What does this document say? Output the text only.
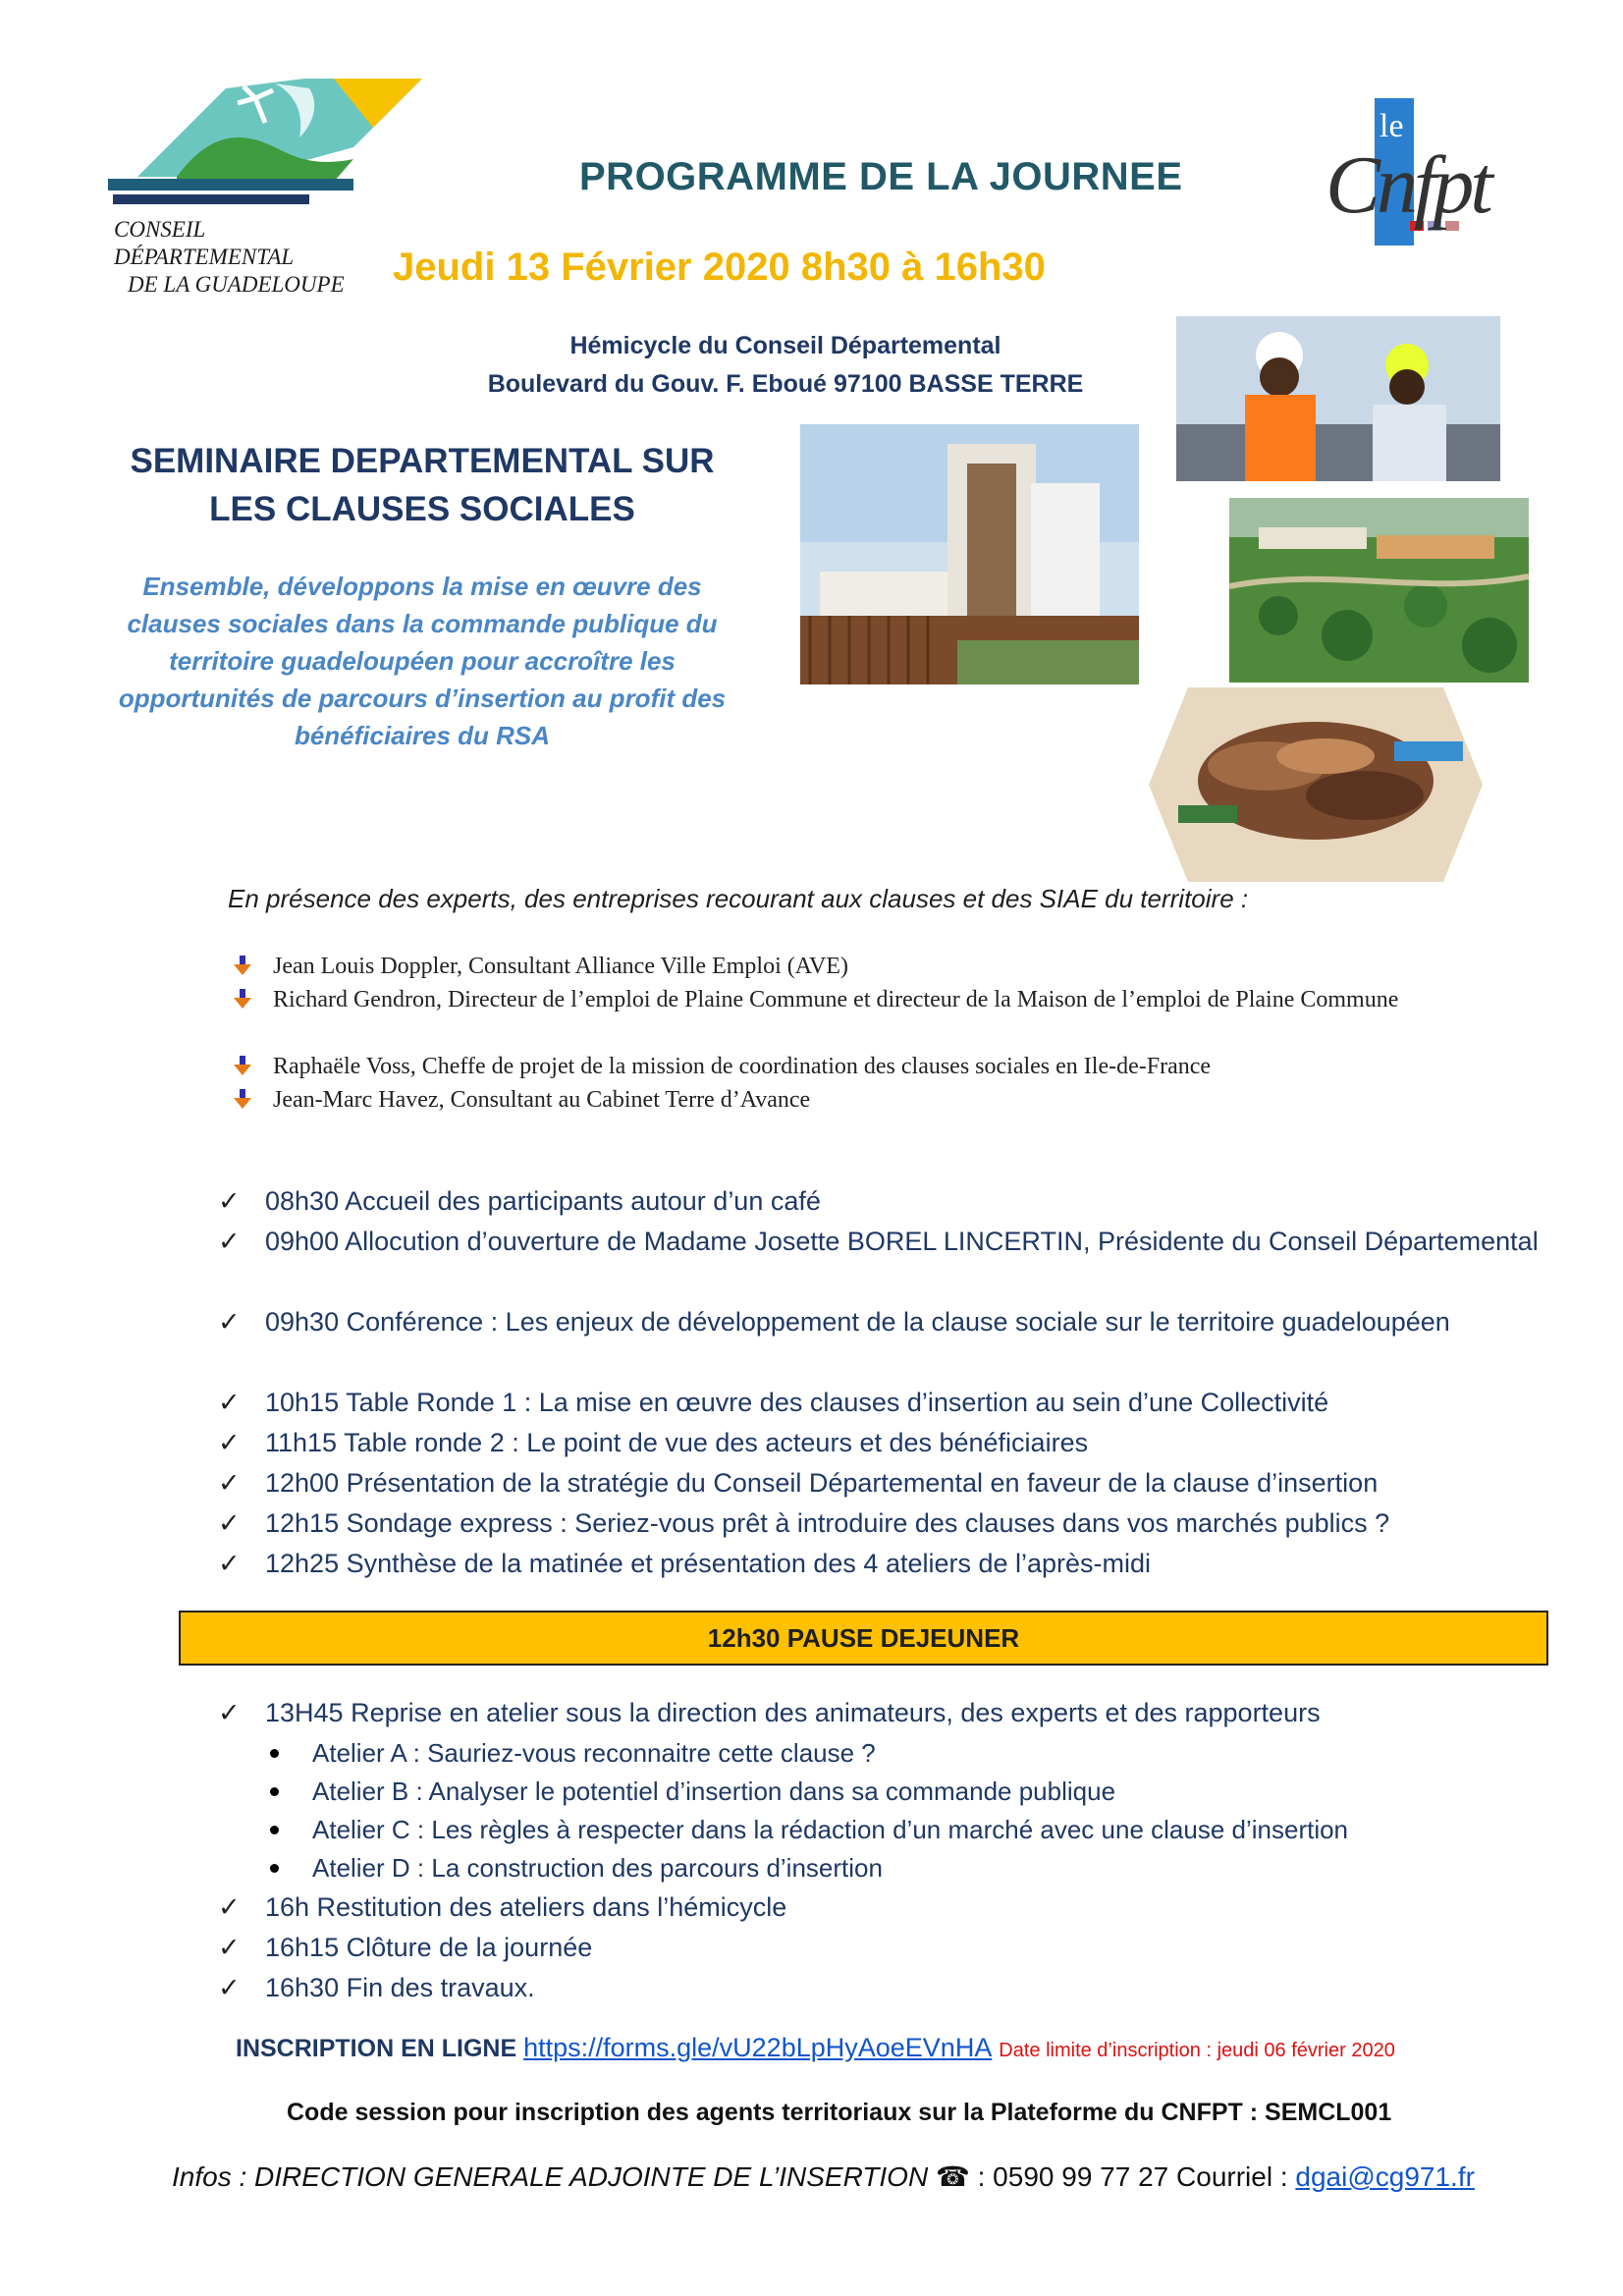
CONSEIL DÉPARTEMENTAL
DE LA GUADELOUPE
le
Cnfpt
PROGRAMME DE LA JOURNEE
Jeudi 13 Février 2020 8h30 à 16h30
Hémicycle du Conseil Départemental
Boulevard du Gouv. F. Eboué 97100 BASSE TERRE
SEMINAIRE DEPARTEMENTAL SUR
LES CLAUSES SOCIALES
Ensemble, développons la mise en œuvre des clauses sociales dans la commande publique du territoire guadeloupéen pour accroître les opportunités de parcours d’insertion au profit des bénéficiaires du RSA
En présence des experts, des entreprises recourant aux clauses et des SIAE du territoire :
Jean Louis Doppler, Consultant Alliance Ville Emploi (AVE)
Richard Gendron, Directeur de l’emploi de Plaine Commune et directeur de la Maison de l’emploi de Plaine Commune
Raphaële Voss, Cheffe de projet de la mission de coordination des clauses sociales en Ile-de-France
Jean-Marc Havez, Consultant au Cabinet Terre d’Avance
✓ 08h30 Accueil des participants autour d’un café
✓ 09h00 Allocution d’ouverture de Madame Josette BOREL LINCERTIN, Présidente du Conseil Départemental
✓ 09h30 Conférence : Les enjeux de développement de la clause sociale sur le territoire guadeloupéen
✓ 10h15 Table Ronde 1 : La mise en œuvre des clauses d’insertion au sein d’une Collectivité
✓ 11h15 Table ronde 2 : Le point de vue des acteurs et des bénéficiaires
✓ 12h00 Présentation de la stratégie du Conseil Départemental en faveur de la clause d’insertion
✓ 12h15 Sondage express : Seriez-vous prêt à introduire des clauses dans vos marchés publics ?
✓ 12h25 Synthèse de la matinée et présentation des 4 ateliers de l’après-midi
12h30 PAUSE DEJEUNER
✓ 13H45 Reprise en atelier sous la direction des animateurs, des experts et des rapporteurs
Atelier A : Sauriez-vous reconnaitre cette clause ?
Atelier B : Analyser le potentiel d’insertion dans sa commande publique
Atelier C : Les règles à respecter dans la rédaction d’un marché avec une clause d’insertion
Atelier D : La construction des parcours d’insertion
✓ 16h Restitution des ateliers dans l’hémicycle
✓ 16h15 Clôture de la journée
✓ 16h30 Fin des travaux.
INSCRIPTION EN LIGNE https://forms.gle/vU22bLpHyAoeEVnHA Date limite d’inscription : jeudi 06 février 2020
Code session pour inscription des agents territoriaux sur la Plateforme du CNFPT : SEMCL001
Infos : DIRECTION GENERALE ADJOINTE DE L’INSERTION ☎ : 0590 99 77 27 Courriel : dgai@cg971.fr
